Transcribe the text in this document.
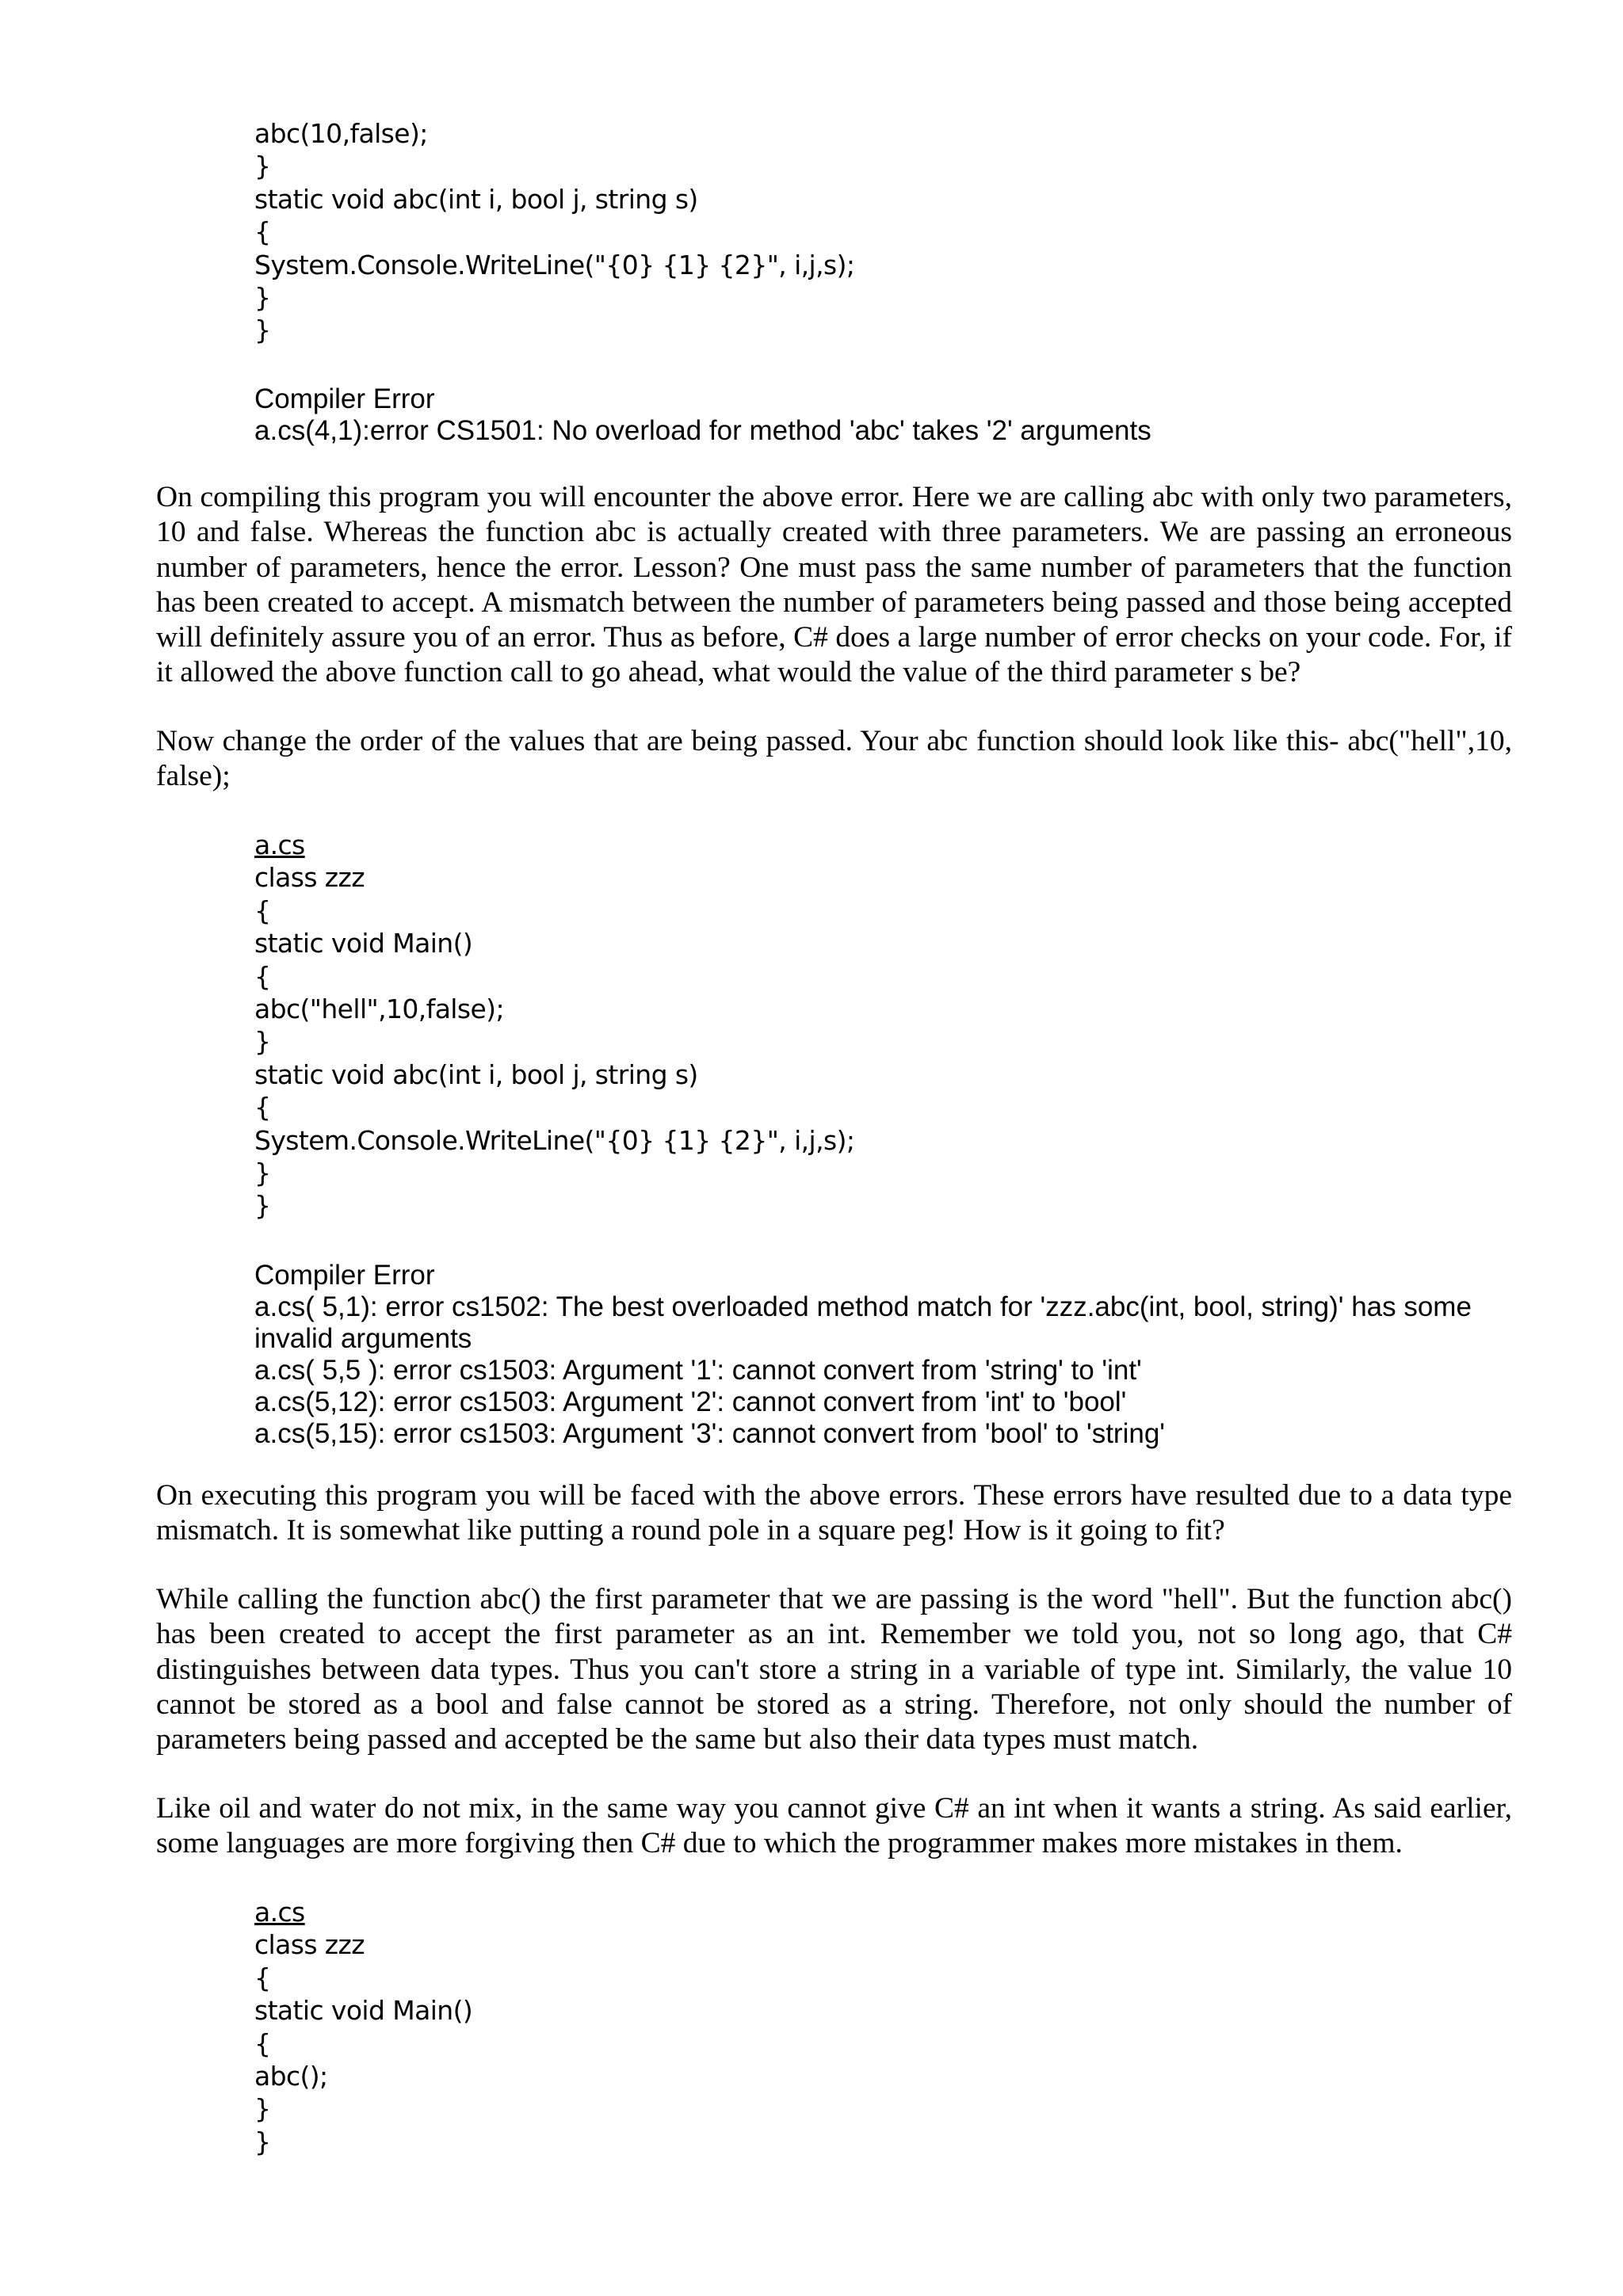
abc(10,false);
}
static void abc(int i, bool j, string s)
{
System.Console.WriteLine("{0} {1} {2}", i,j,s);
}
}
Compiler Error
a.cs(4,1):error CS1501: No overload for method 'abc' takes '2' arguments

On compiling this program you will encounter the above error. Here we are calling abc with only two parameters, 10 and false. Whereas the function abc is actually created with three parameters. We are passing an erroneous number of parameters, hence the error. Lesson? One must pass the same number of parameters that the function has been created to accept. A mismatch between the number of parameters being passed and those being accepted will definitely assure you of an error. Thus as before, C# does a large number of error checks on your code. For, if it allowed the above function call to go ahead, what would the value of the third parameter s be?

Now change the order of the values that are being passed. Your abc function should look like this- abc("hell",10, false);

a.cs
class zzz
{
static void Main()
{
abc("hell",10,false);
}
static void abc(int i, bool j, string s)
{
System.Console.WriteLine("{0} {1} {2}", i,j,s);
}
}
Compiler Error
a.cs( 5,1): error cs1502: The best overloaded method match for 'zzz.abc(int, bool, string)' has some invalid arguments
a.cs( 5,5 ): error cs1503: Argument '1': cannot convert from 'string' to 'int'
a.cs(5,12): error cs1503: Argument '2': cannot convert from 'int' to 'bool'
a.cs(5,15): error cs1503: Argument '3': cannot convert from 'bool' to 'string'

On executing this program you will be faced with the above errors. These errors have resulted due to a data type mismatch. It is somewhat like putting a round pole in a square peg! How is it going to fit?

While calling the function abc() the first parameter that we are passing is the word "hell". But the function abc() has been created to accept the first parameter as an int. Remember we told you, not so long ago, that C# distinguishes between data types. Thus you can't store a string in a variable of type int. Similarly, the value 10 cannot be stored as a bool and false cannot be stored as a string. Therefore, not only should the number of parameters being passed and accepted be the same but also their data types must match.

Like oil and water do not mix, in the same way you cannot give C# an int when it wants a string. As said earlier, some languages are more forgiving then C# due to which the programmer makes more mistakes in them.

a.cs
class zzz
{
static void Main()
{
abc();
}
}
